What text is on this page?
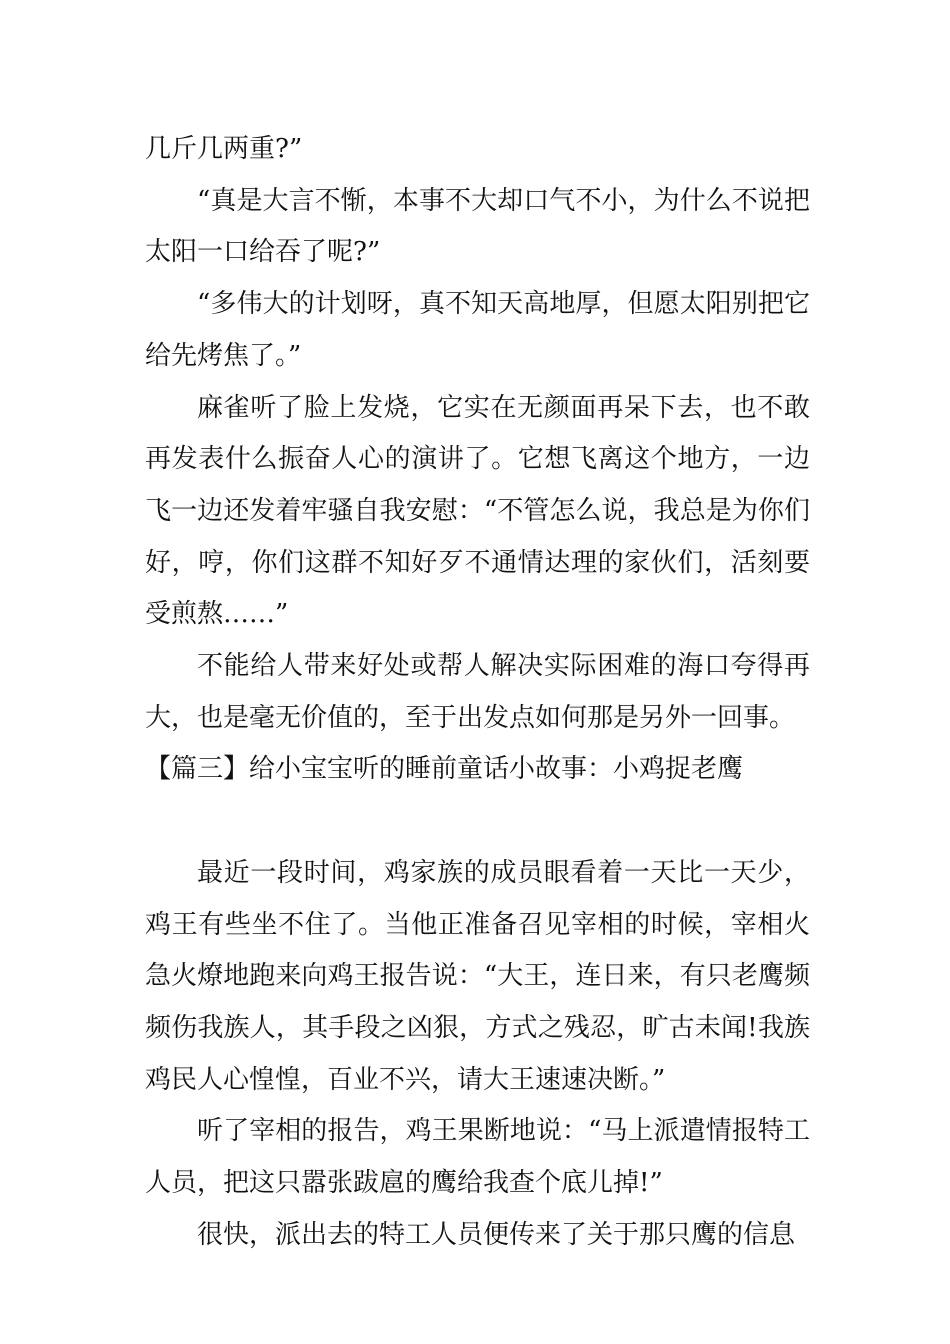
几斤几两重?”

“真是大言不惭，本事不大却口气不小，为什么不说把太阳一口给吞了呢?”

“多伟大的计划呀，真不知天高地厚，但愿太阳别把它给先烤焦了。”

麻雀听了脸上发烧，它实在无颜面再呆下去，也不敢再发表什么振奋人心的演讲了。它想飞离这个地方，一边飞一边还发着牢骚自我安慰：“不管怎么说，我总是为你们好，哼，你们这群不知好歹不通情达理的家伙们，活刻要受煎熬……”

不能给人带来好处或帮人解决实际困难的海口夸得再大，也是毫无价值的，至于出发点如何那是另外一回事。

【篇三】给小宝宝听的睡前童话小故事：小鸡捉老鹰

最近一段时间，鸡家族的成员眼看着一天比一天少，鸡王有些坐不住了。当他正准备召见宰相的时候，宰相火急火燎地跑来向鸡王报告说：“大王，连日来，有只老鹰频频伤我族人，其手段之凶狠，方式之残忍，旷古未闻!我族鸡民人心惶惶，百业不兴，请大王速速决断。”

听了宰相的报告，鸡王果断地说：“马上派遣情报特工人员，把这只嚣张跋扈的鹰给我查个底儿掉!”

很快，派出去的特工人员便传来了关于那只鹰的信息
